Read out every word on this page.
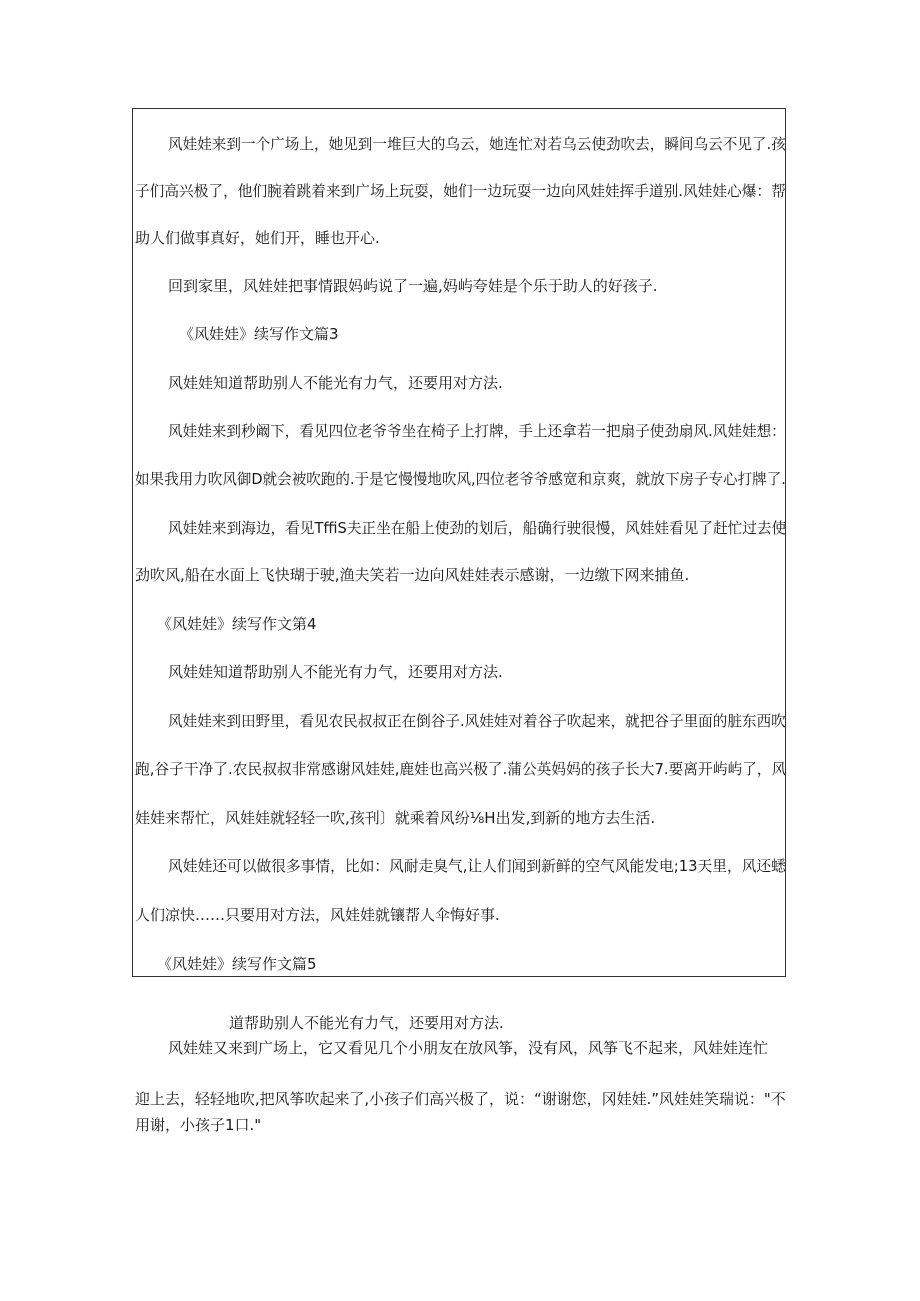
风娃娃来到一个广场上，她见到一堆巨大的乌云，她连忙对若乌云使劲吹去，瞬间乌云不见了.孩
子们高兴极了，他们腕着跳着来到广场上玩耍，她们一边玩耍一边向风娃娃挥手道别.风娃娃心爆：帮
助人们做事真好，她们开，睡也开心.
回到家里，风娃娃把事情跟妈屿说了一遍,妈屿夸娃是个乐于助人的好孩子.
《风娃娃》续写作文篇3
风娃娃知道帮助别人不能光有力气，还要用对方法.
风娃娃来到秒阚下，看见四位老爷爷坐在椅子上打牌，手上还拿若一把扇子使劲扇风.风娃娃想：
如果我用力吹风御D就会被吹跑的.于是它慢慢地吹风,四位老爷爷感宽和京爽，就放下房子专心打牌了.
风娃娃来到海边，看见TffiS夫正坐在船上使劲的划后，船确行驶很慢，风娃娃看见了赶忙过去使
劲吹风,船在水面上飞快瑚于驶,渔夫笑若一边向风娃娃表示感谢，一边缴下网来捕鱼.
《风娃娃》续写作文第4
风娃娃知道帮助别人不能光有力气，还要用对方法.
风娃娃来到田野里，看见农民叔叔正在倒谷子.风娃娃对着谷子吹起来，就把谷子里面的脏东西吹
跑,谷子干净了.农民叔叔非常感谢风娃娃,鹿娃也高兴极了.蒲公英妈妈的孩子长大7.要离开屿屿了，风
娃娃来帮忙，风娃娃就轻轻一吹,孩刊〕就乘着风纷⅛H出发,到新的地方去生活.
风娃娃还可以做很多事情，比如：风耐走臭气,让人们闻到新鲜的空气风能发电;13天里，风还蟋
人们凉快……只要用对方法，风娃娃就镶帮人伞悔好事.
《风娃娃》续写作文篇5
道帮助别人不能光有力气，还要用对方法.
风娃娃又来到广场上，它又看见几个小朋友在放风筝，没有风，风筝飞不起来，风娃娃连忙
迎上去，轻轻地吹,把风筝吹起来了,小孩子们高兴极了，说：“谢谢您，冈娃娃.”风娃娃笑瑞说："不
用谢，小孩子1口."
